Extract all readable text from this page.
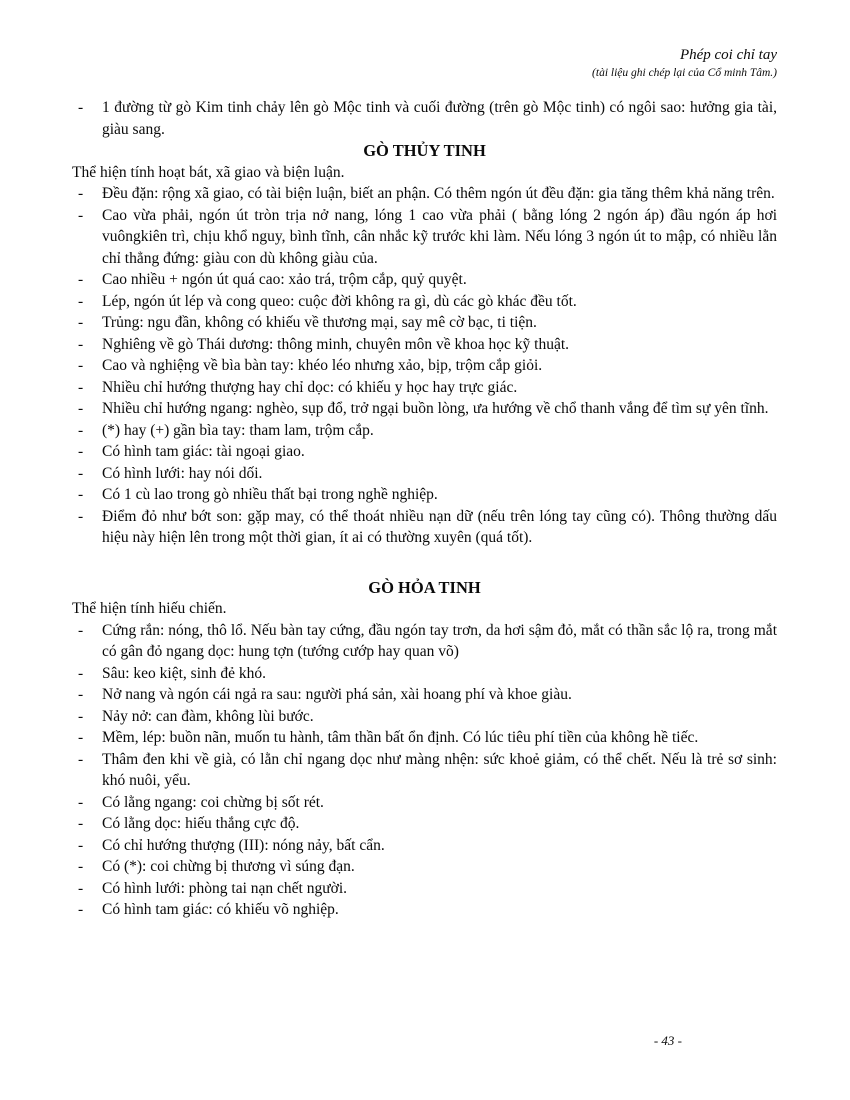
Phép coi chỉ tay
(tài liệu ghi chép lại của Cổ minh Tâm.)
- 1 đường từ gò Kim tinh chảy lên gò Mộc tinh và cuối đường (trên gò Mộc tinh) có ngôi sao: hưởng gia tài, giàu sang.
GÒ THỦY TINH
Thể hiện tính hoạt bát, xã giao và biện luận.
- Đều đặn: rộng xã giao, có tài biện luận, biết an phận. Có thêm ngón út đều đặn: gia tăng thêm khả năng trên.
- Cao vừa phải, ngón út tròn trịa nở nang, lóng 1 cao vừa phải ( bằng lóng 2 ngón áp) đầu ngón áp hơi vuôngkiên trì, chịu khổ nguy, bình tĩnh, cân nhắc kỹ trước khi làm. Nếu lóng 3 ngón út to mập, có nhiều lằn chỉ thẳng đứng: giàu con dù không giàu của.
- Cao nhiều + ngón út quá cao: xảo trá, trộm cắp, quỷ quyệt.
- Lép, ngón út lép và cong queo: cuộc đời không ra gì, dù các gò khác đều tốt.
- Trủng: ngu đần, không có khiếu về thương mại, say mê cờ bạc, ti tiện.
- Nghiêng về gò Thái dương: thông minh, chuyên môn về khoa học kỹ thuật.
- Cao và nghiệng về bìa bàn tay: khéo léo nhưng xảo, bịp, trộm cắp giỏi.
- Nhiều chỉ hướng thượng hay chỉ dọc: có khiếu y học hay trực giác.
- Nhiều chỉ hướng ngang: nghèo, sụp đổ, trở ngại buồn lòng, ưa hướng về chổ thanh vắng để tìm sự yên tĩnh.
- (*) hay (+) gần bìa tay: tham lam, trộm cắp.
- Có hình tam giác: tài ngoại giao.
- Có hình lưới: hay nói dối.
- Có 1 cù lao trong gò nhiều thất bại trong nghề nghiệp.
- Điểm đỏ như bớt son: gặp may, có thể thoát nhiều nạn dữ (nếu trên lóng tay cũng có). Thông thường dấu hiệu này hiện lên trong một thời gian, ít ai có thường xuyên (quá tốt).
GÒ HỎA TINH
Thể hiện tính hiếu chiến.
- Cứng rắn: nóng, thô lổ. Nếu bàn tay cứng, đầu ngón tay trơn, da hơi sậm đỏ, mắt có thần sắc lộ ra, trong mắt có gân đỏ ngang dọc: hung tợn (tướng cướp hay quan võ)
- Sâu: keo kiệt, sinh đẻ khó.
- Nở nang và ngón cái ngả ra sau: người phá sản, xài hoang phí và khoe giàu.
- Nảy nở: can đàm, không lùi bước.
- Mềm, lép: buồn nãn, muốn tu hành, tâm thần bất ổn định. Có lúc tiêu phí tiền của không hề tiếc.
- Thâm đen khi về già, có lằn chỉ ngang dọc như màng nhện: sức khoẻ giảm, có thể chết. Nếu là trẻ sơ sinh: khó nuôi, yểu.
- Có lằng ngang: coi chừng bị sốt rét.
- Có lằng dọc: hiếu thắng cực độ.
- Có chỉ hướng thượng (III): nóng nảy, bất cẩn.
- Có (*): coi chừng bị thương vì súng đạn.
- Có hình lưới: phòng tai nạn chết người.
- Có hình tam giác: có khiếu võ nghiệp.
- 43 -
